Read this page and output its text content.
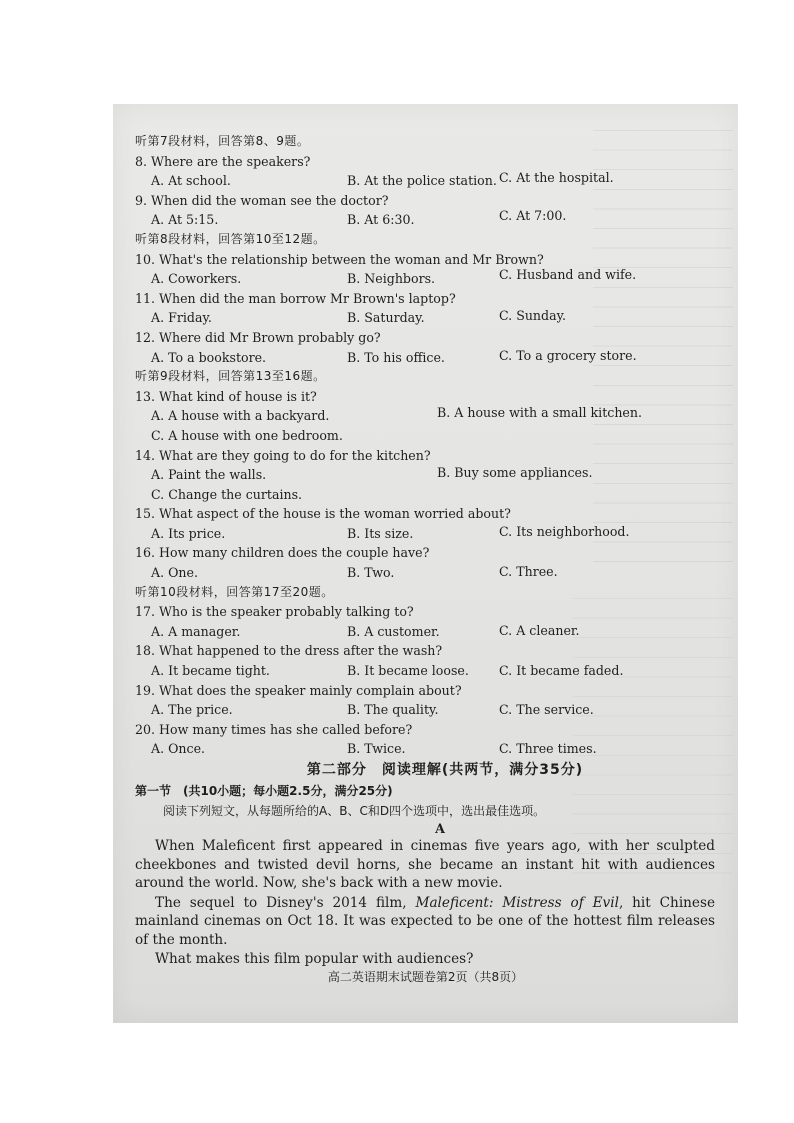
听第7段材料，回答第8、9题。
8. Where are the speakers?
A. At school.	B. At the police station. C. At the hospital.
9. When did the woman see the doctor?
A. At 5:15.	B. At 6:30.	C. At 7:00.
听第8段材料，回答第10至12题。
10. What's the relationship between the woman and Mr Brown?
A. Coworkers.	B. Neighbors.	C. Husband and wife.
11. When did the man borrow Mr Brown's laptop?
A. Friday.	B. Saturday.	C. Sunday.
12. Where did Mr Brown probably go?
A. To a bookstore.	B. To his office.	C. To a grocery store.
听第9段材料，回答第13至16题。
13. What kind of house is it?
A. A house with a backyard.	B. A house with a small kitchen.
C. A house with one bedroom.
14. What are they going to do for the kitchen?
A. Paint the walls.	B. Buy some appliances.
C. Change the curtains.
15. What aspect of the house is the woman worried about?
A. Its price.	B. Its size.	C. Its neighborhood.
16. How many children does the couple have?
A. One.	B. Two.	C. Three.
听第10段材料，回答第17至20题。
17. Who is the speaker probably talking to?
A. A manager.	B. A customer.	C. A cleaner.
18. What happened to the dress after the wash?
A. It became tight.	B. It became loose. C. It became faded.
19. What does the speaker mainly complain about?
A. The price.	B. The quality.	C. The service.
20. How many times has she called before?
A. Once.	B. Twice.	C. Three times.
第二部分　阅读理解(共两节，满分35分)
第一节　(共10小题；每小题2.5分，满分25分)
阅读下列短文，从每题所给的A、B、C和D四个选项中，选出最佳选项。
A

When Maleficent first appeared in cinemas five years ago, with her sculpted cheekbones and twisted devil horns, she became an instant hit with audiences around the world. Now, she's back with a new movie.

The sequel to Disney's 2014 film, Maleficent: Mistress of Evil, hit Chinese mainland cinemas on Oct 18. It was expected to be one of the hottest film releases of the month.

What makes this film popular with audiences?

高二英语期末试题卷第2页（共8页）
